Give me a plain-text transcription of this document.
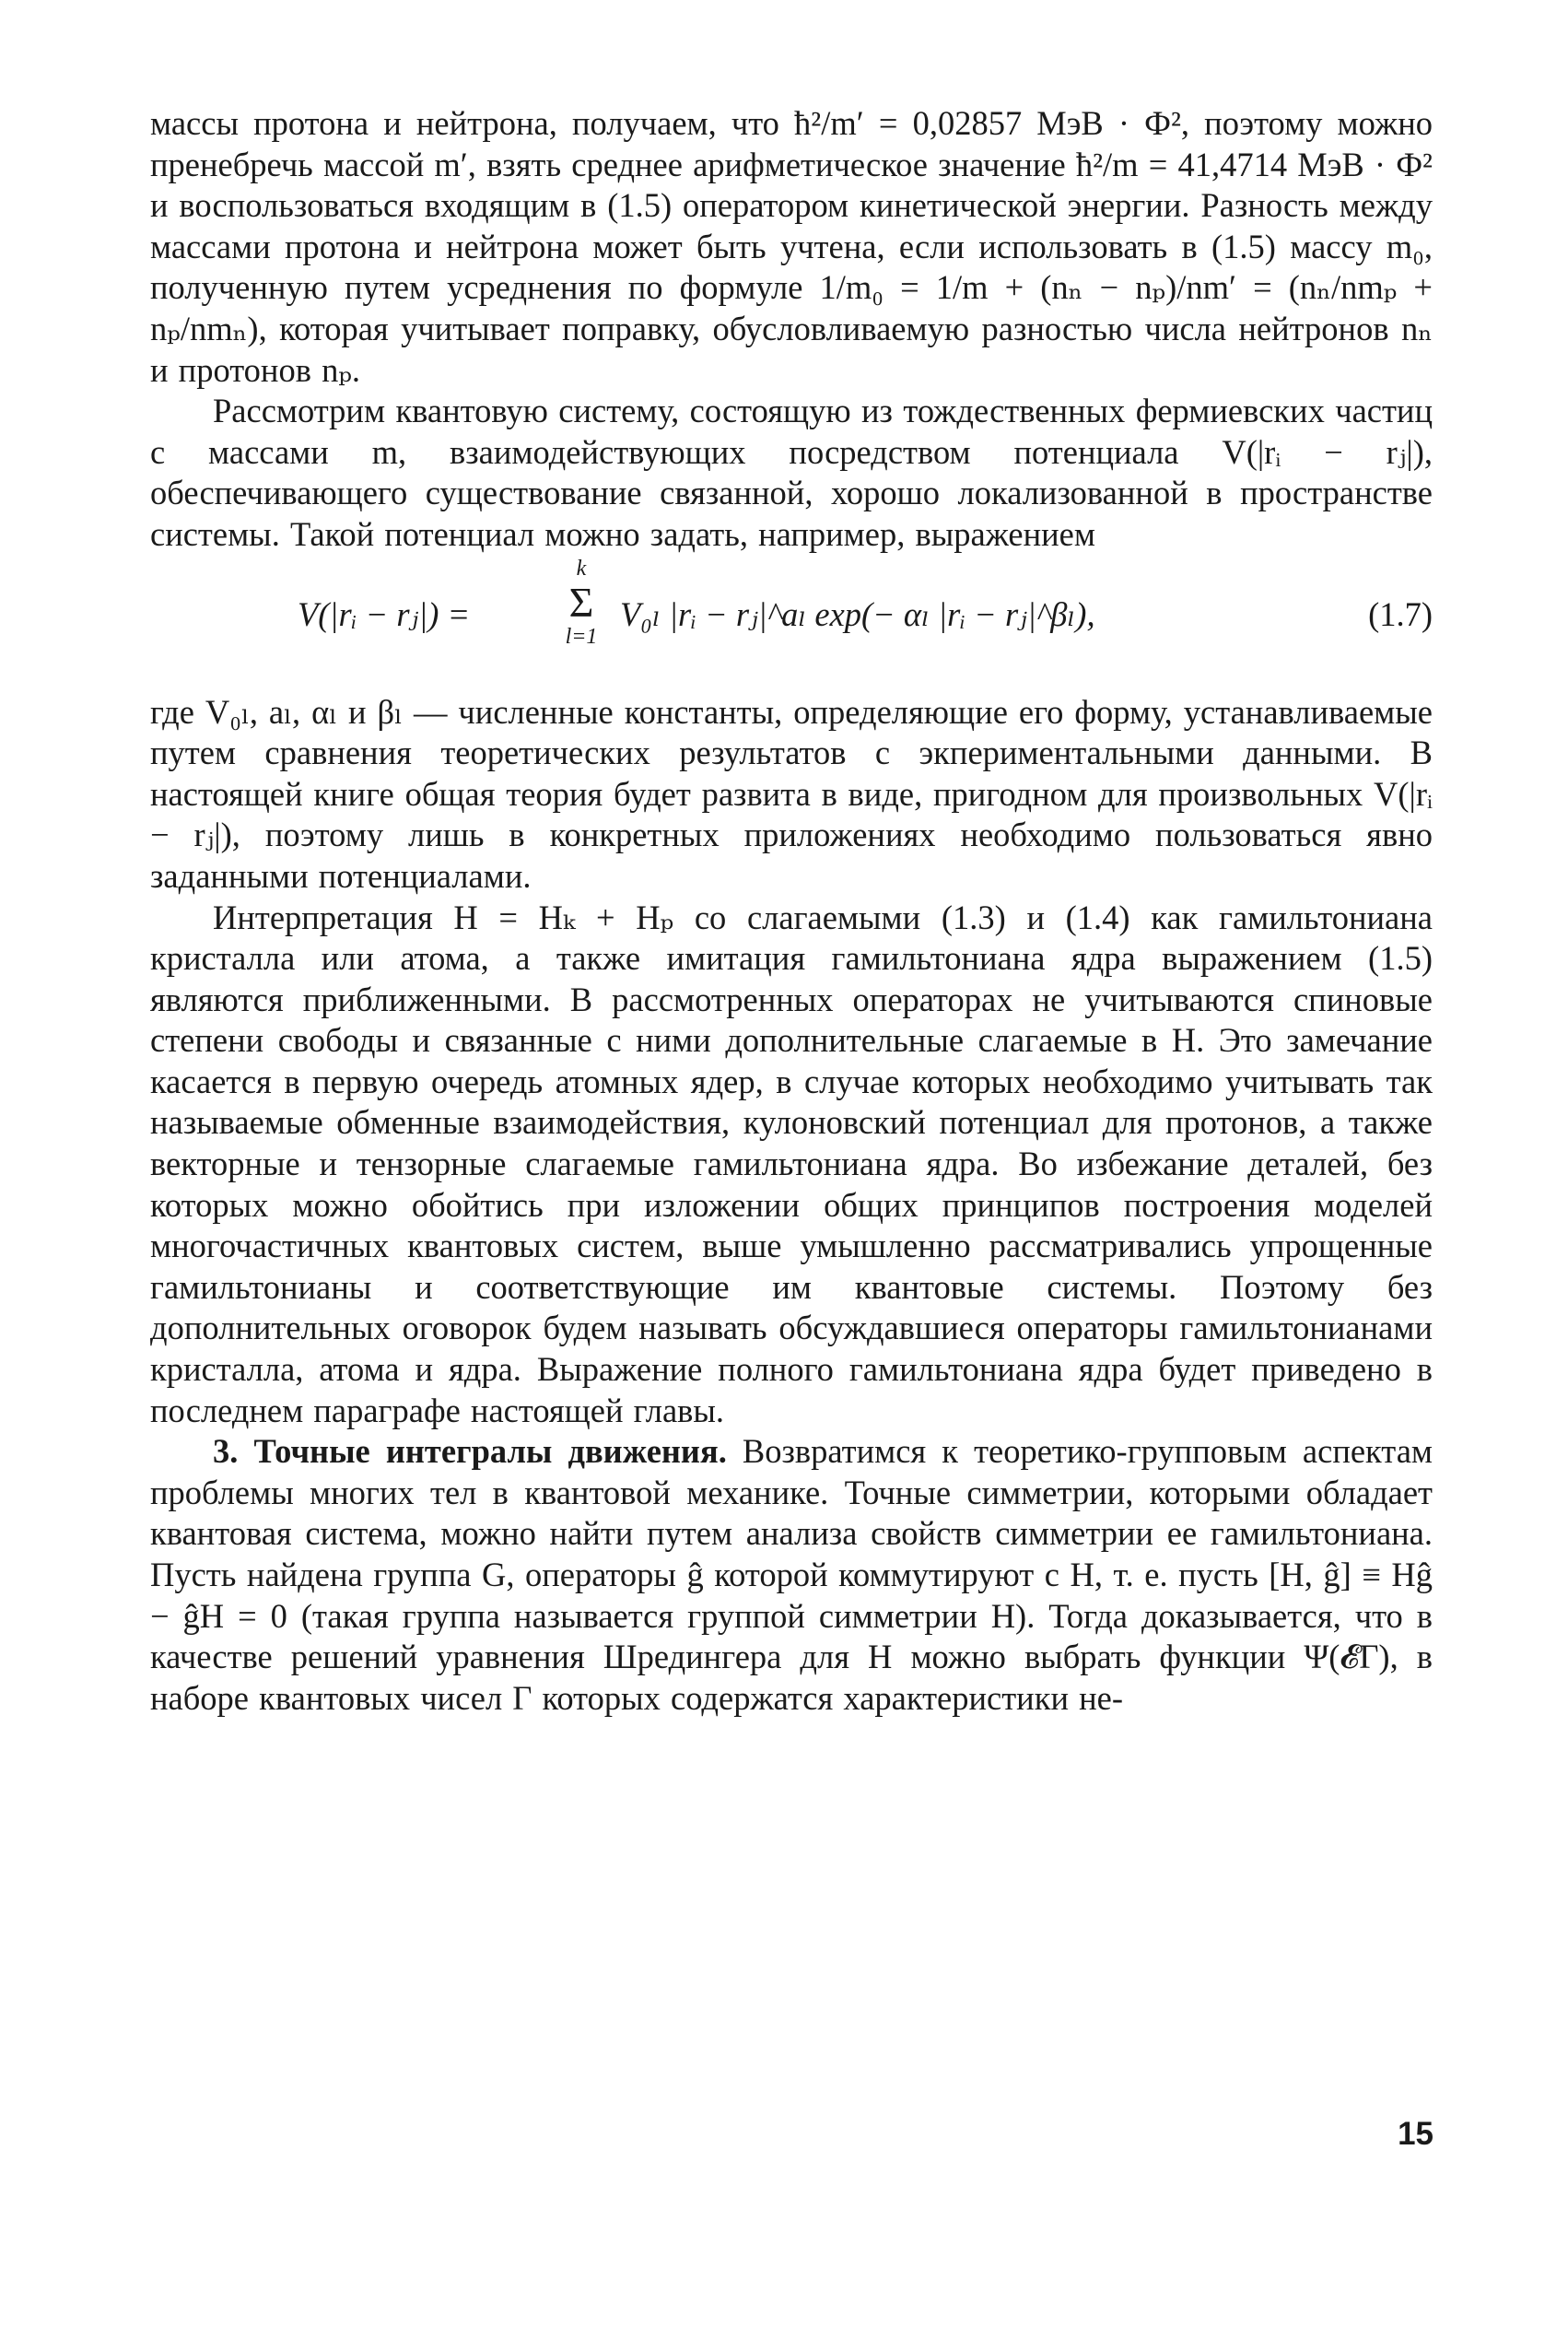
массы протона и нейтрона, получаем, что ħ²/m′ = 0,02857 МэВ · Ф², поэтому можно пренебречь массой m′, взять среднее арифметическое значение ħ²/m = 41,4714 МэВ · Ф² и воспользоваться входящим в (1.5) оператором кинетической энергии. Разность между массами протона и нейтрона может быть учтена, если использовать в (1.5) массу m₀, полученную путем усреднения по формуле 1/m₀ = 1/m + (nₙ − nₚ)/nm′ = (nₙ/nmₚ + nₚ/nmₙ), которая учитывает поправку, обусловливаемую разностью числа нейтронов nₙ и протонов nₚ.

Рассмотрим квантовую систему, состоящую из тождественных фермиевских частиц с массами m, взаимодействующих посредством потенциала V(|rᵢ − rⱼ|), обеспечивающего существование связанной, хорошо локализованной в пространстве системы. Такой потенциал можно задать, например, выражением

V(|rᵢ − rⱼ|) =
k
Σ
l=1
V₀ₗ |rᵢ − rⱼ|^aₗ exp(− αₗ |rᵢ − rⱼ|^βₗ),	(1.7)

где V₀ₗ, aₗ, αₗ и βₗ — численные константы, определяющие его форму, устанавливаемые путем сравнения теоретических результатов с экпериментальными данными. В настоящей книге общая теория будет развита в виде, пригодном для произвольных V(|rᵢ − rⱼ|), поэтому лишь в конкретных приложениях необходимо пользоваться явно заданными потенциалами.

Интерпретация H = Hₖ + Hₚ со слагаемыми (1.3) и (1.4) как гамильтониана кристалла или атома, а также имитация гамильтониана ядра выражением (1.5) являются приближенными. В рассмотренных операторах не учитываются спиновые степени свободы и связанные с ними дополнительные слагаемые в H. Это замечание касается в первую очередь атомных ядер, в случае которых необходимо учитывать так называемые обменные взаимодействия, кулоновский потенциал для протонов, а также векторные и тензорные слагаемые гамильтониана ядра. Во избежание деталей, без которых можно обойтись при изложении общих принципов построения моделей многочастичных квантовых систем, выше умышленно рассматривались упрощенные гамильтонианы и соответствующие им квантовые системы. Поэтому без дополнительных оговорок будем называть обсуждавшиеся операторы гамильтонианами кристалла, атома и ядра. Выражение полного гамильтониана ядра будет приведено в последнем параграфе настоящей главы.

3. Точные интегралы движения. Возвратимся к теоретико-групповым аспектам проблемы многих тел в квантовой механике. Точные симметрии, которыми обладает квантовая система, можно найти путем анализа свойств симметрии ее гамильтониана. Пусть найдена группа G, операторы ĝ которой коммутируют с H, т. е. пусть [H, ĝ] ≡ Hĝ − ĝH = 0 (такая группа называется группой симметрии H). Тогда доказывается, что в качестве решений уравнения Шредингера для H можно выбрать функции Ψ(𝓔Γ), в наборе квантовых чисел Γ которых содержатся характеристики не-

15
